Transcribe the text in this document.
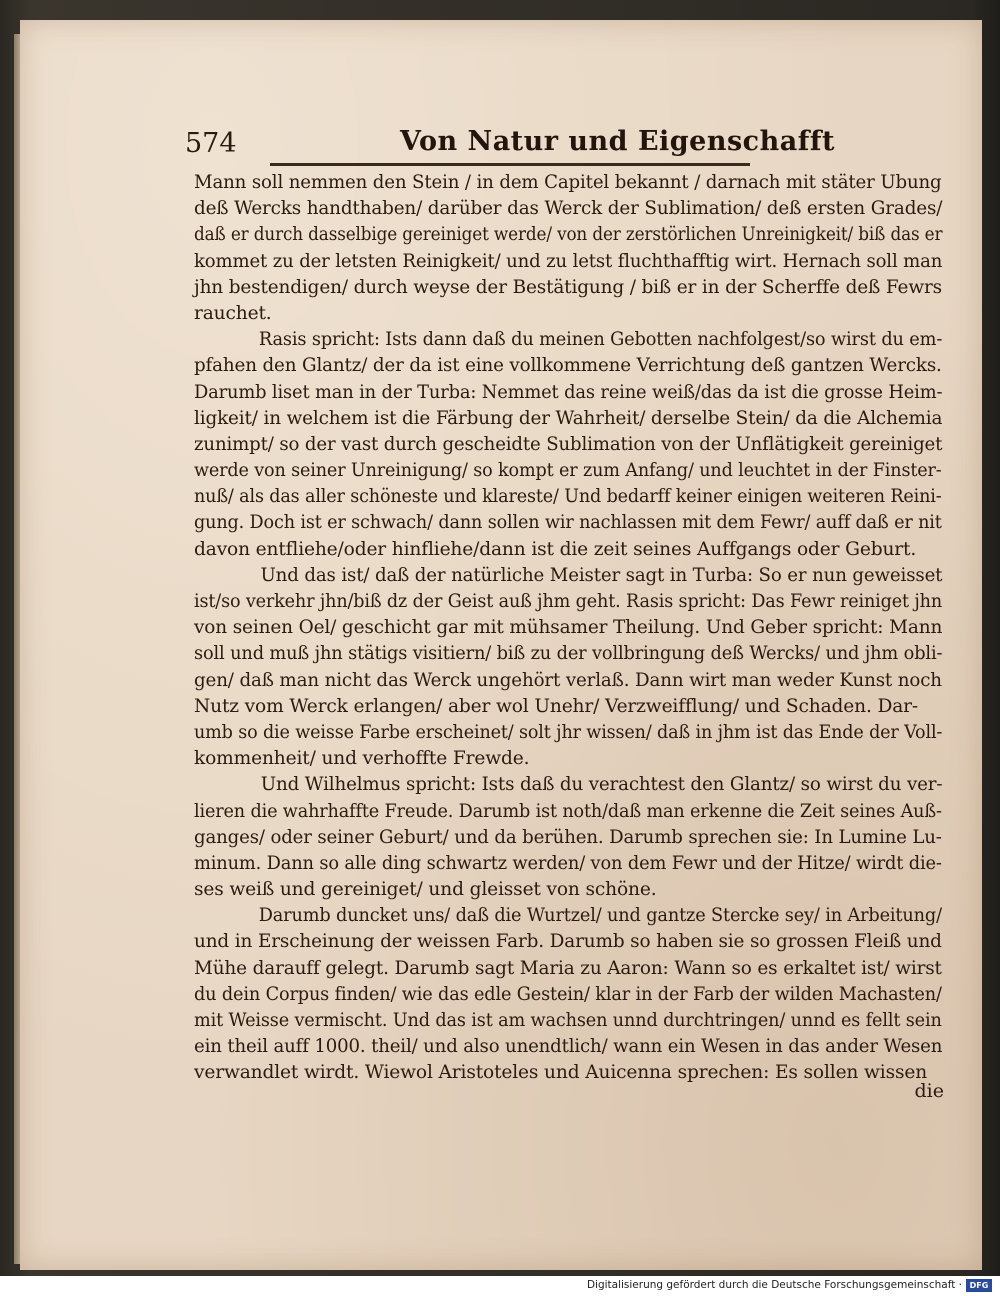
574	Von Natur und Eigenschafft
Mann soll nemmen den Stein / in dem Capitel bekannt / darnach mit stäter Ubung
deß Wercks handthaben/ darüber das Werck der Sublimation/ deß ersten Grades/
daß er durch dasselbige gereiniget werde/ von der zerstörlichen Unreinigkeit/ biß das er
kommet zu der letsten Reinigkeit/ und zu letst fluchthafftig wirt. Hernach soll man
jhn bestendigen/ durch weyse der Bestätigung / biß er in der Scherffe deß Fewrs
rauchet.
Rasis spricht: Ists dann daß du meinen Gebotten nachfolgest/so wirst du em-
pfahen den Glantz/ der da ist eine vollkommene Verrichtung deß gantzen Wercks.
Darumb liset man in der Turba: Nemmet das reine weiß/das da ist die grosse Heim-
ligkeit/ in welchem ist die Färbung der Wahrheit/ derselbe Stein/ da die Alchemia
zunimpt/ so der vast durch gescheidte Sublimation von der Unflätigkeit gereiniget
werde von seiner Unreinigung/ so kompt er zum Anfang/ und leuchtet in der Finster-
nuß/ als das aller schöneste und klareste/ Und bedarff keiner einigen weiteren Reini-
gung. Doch ist er schwach/ dann sollen wir nachlassen mit dem Fewr/ auff daß er nit
davon entfliehe/oder hinfliehe/dann ist die zeit seines Auffgangs oder Geburt.
Und das ist/ daß der natürliche Meister sagt in Turba: So er nun geweisset
ist/so verkehr jhn/biß dz der Geist auß jhm geht. Rasis spricht: Das Fewr reiniget jhn
von seinen Oel/ geschicht gar mit mühsamer Theilung. Und Geber spricht: Mann
soll und muß jhn stätigs visitiern/ biß zu der vollbringung deß Wercks/ und jhm obli-
gen/ daß man nicht das Werck ungehört verlaß. Dann wirt man weder Kunst noch
Nutz vom Werck erlangen/ aber wol Unehr/ Verzweifflung/ und Schaden. Dar-
umb so die weisse Farbe erscheinet/ solt jhr wissen/ daß in jhm ist das Ende der Voll-
kommenheit/ und verhoffte Frewde.
Und Wilhelmus spricht: Ists daß du verachtest den Glantz/ so wirst du ver-
lieren die wahrhaffte Freude. Darumb ist noth/daß man erkenne die Zeit seines Auß-
ganges/ oder seiner Geburt/ und da berühen. Darumb sprechen sie: In Lumine Lu-
minum. Dann so alle ding schwartz werden/ von dem Fewr und der Hitze/ wirdt die-
ses weiß und gereiniget/ und gleisset von schöne.
Darumb duncket uns/ daß die Wurtzel/ und gantze Stercke sey/ in Arbeitung/
und in Erscheinung der weissen Farb. Darumb so haben sie so grossen Fleiß und
Mühe darauff gelegt. Darumb sagt Maria zu Aaron: Wann so es erkaltet ist/ wirst
du dein Corpus finden/ wie das edle Gestein/ klar in der Farb der wilden Machasten/
mit Weisse vermischt. Und das ist am wachsen unnd durchtringen/ unnd es fellt sein
ein theil auff 1000. theil/ und also unendtlich/ wann ein Wesen in das ander Wesen
verwandlet wirdt. Wiewol Aristoteles und Auicenna sprechen: Es sollen wissen
die
Digitalisierung gefördert durch die Deutsche Forschungsgemeinschaft · DFG
